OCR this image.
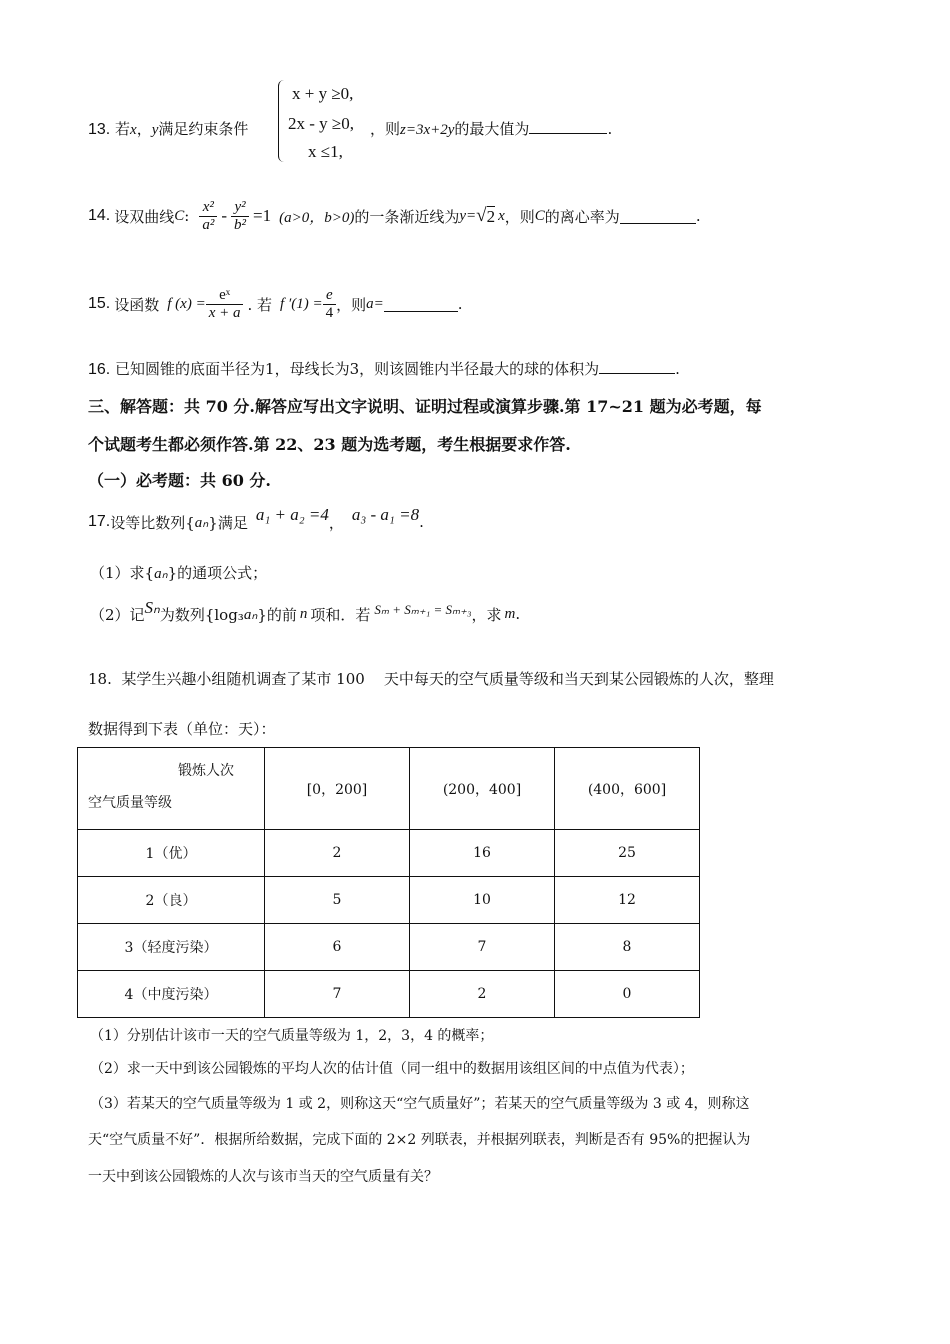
x + y ≥0,
2x - y ≥0,
x ≤1,
13. 若x，y满足约束条件	，则z=3x+2y的最大值为	.
14. 设双曲线 C : $\frac{\text{x²}}{\text{a²}} - \frac{\text{y²}}{\text{b²}} =1$ (a>0，b>0) 的一条渐近线为 y= √ 2 x ，则 C 的离心率为	.
15. 设函数 f $(x) = \frac{\text{eˣ}}{x + a}$ . 若 f $'(1) = \frac{e}{4}$ ，则 a=	.
16. 已知圆锥的底面半径为1，母线长为3，则该圆锥内半径最大的球的体积为	.
三、解答题：共 70 分.解答应写出文字说明、证明过程或演算步骤.第 17~21 题为必考题，每
个试题考生都必须作答.第 22、23 题为选考题，考生根据要求作答.
（一）必考题：共 60 分.
17. 设等比数列{ aₙ }满足 a₁ + a₂ =4 ， a₃ - a₁ =8 .
（1）求{aₙ}的通项公式；
（2）记 Sₙ 为数列{log₃ aₙ }的前 n 项和．若 Sₘ + Sₘ₊₁ = Sₘ₊₃ ，求 m .
18.  某学生兴趣小组随机调查了某市 100    天中每天的空气质量等级和当天到某公园锻炼的人次，整理
数据得到下表（单位：天）：
锻炼人次
空气质量等级	[0，200]	(200，400]	(400，600]
1（优）	2	16	25
2（良）	5	10	12
3（轻度污染）	6	7	8
4（中度污染）	7	2	0
（1）分别估计该市一天的空气质量等级为 1，2，3，4 的概率；
（2）求一天中到该公园锻炼的平均人次的估计值（同一组中的数据用该组区间的中点值为代表）；
（3）若某天的空气质量等级为 1 或 2，则称这天“空气质量好”；若某天的空气质量等级为 3 或 4，则称这
天“空气质量不好”．根据所给数据，完成下面的 2×2 列联表，并根据列联表，判断是否有 95%的把握认为
一天中到该公园锻炼的人次与该市当天的空气质量有关？
